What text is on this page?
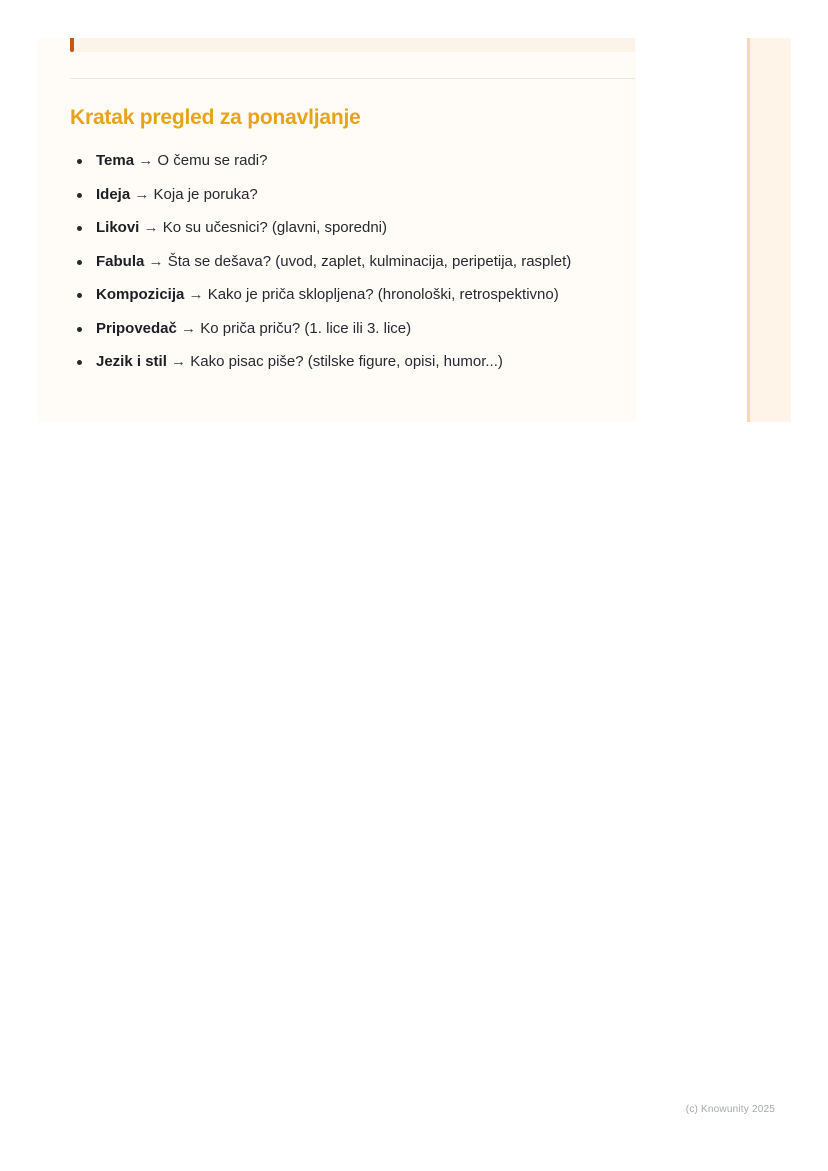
Kratak pregled za ponavljanje
Tema → O čemu se radi?
Ideja → Koja je poruka?
Likovi → Ko su učesnici? (glavni, sporedni)
Fabula → Šta se dešava? (uvod, zaplet, kulminacija, peripetija, rasplet)
Kompozicija → Kako je priča sklopljena? (hronološki, retrospektivno)
Pripovedač → Ko priča priču? (1. lice ili 3. lice)
Jezik i stil → Kako pisac piše? (stilske figure, opisi, humor...)
(c) Knowunity 2025
